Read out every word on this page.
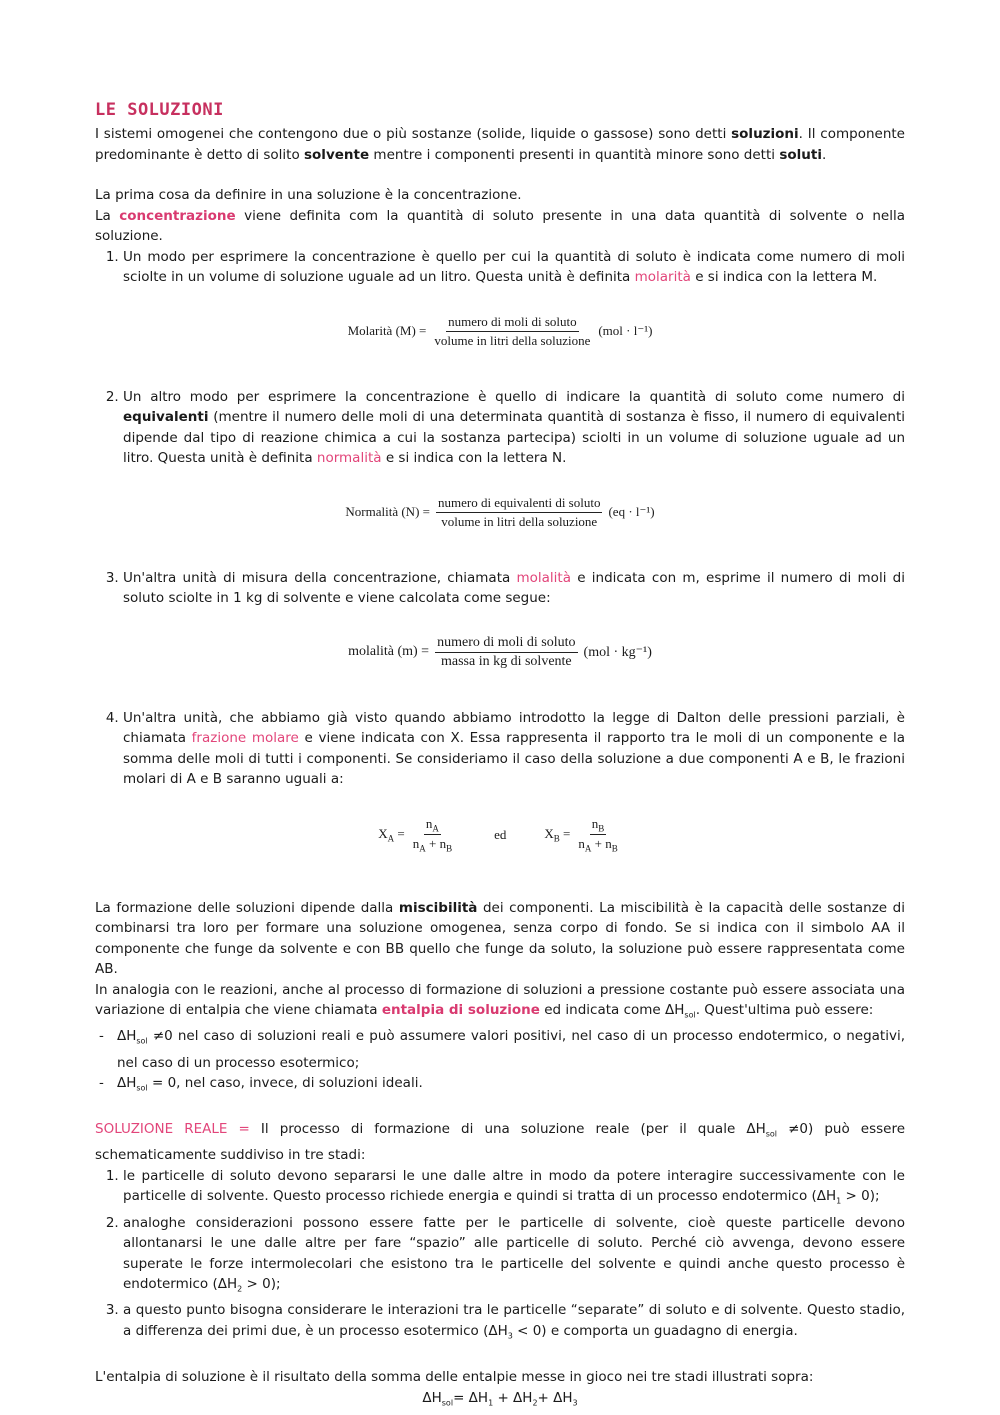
LE SOLUZIONI

I sistemi omogenei che contengono due o più sostanze (solide, liquide o gassose) sono detti soluzioni. Il componente predominante è detto di solito solvente mentre i componenti presenti in quantità minore sono detti soluti.

La prima cosa da definire in una soluzione è la concentrazione.

La concentrazione viene definita com la quantità di soluto presente in una data quantità di solvente o nella soluzione.

1. Un modo per esprimere la concentrazione è quello per cui la quantità di soluto è indicata come numero di moli sciolte in un volume di soluzione uguale ad un litro. Questa unità è definita molarità e si indica con la lettera M.
Molarità $(M) = \frac{\text{numero di moli di soluto}}{\text{volume in litri della soluzione}} (mol \cdot l^{-1})$
2. Un altro modo per esprimere la concentrazione è quello di indicare la quantità di soluto come numero di equivalenti (mentre il numero delle moli di una determinata quantità di sostanza è fisso, il numero di equivalenti dipende dal tipo di reazione chimica a cui la sostanza partecipa) sciolti in un volume di soluzione uguale ad un litro. Questa unità è definita normalità e si indica con la lettera N.
Normalità $(N) = \frac{\text{numero di equivalenti di soluto}}{\text{volume in litri della soluzione}} (eq \cdot l^{-1})$
3. Un'altra unità di misura della concentrazione, chiamata molalità e indicata con m, esprime il numero di moli di soluto sciolte in 1 kg di solvente e viene calcolata come segue:
molalità $(m) = \frac{\text{numero di moli di soluto}}{\text{massa in kg di solvente}} (mol \cdot kg^{-1})$
4. Un'altra unità, che abbiamo già visto quando abbiamo introdotto la legge di Dalton delle pressioni parziali, è chiamata frazione molare e viene indicata con X. Essa rappresenta il rapporto tra le moli di un componente e la somma delle moli di tutti i componenti. Se consideriamo il caso della soluzione a due componenti A e B, le frazioni molari di A e B saranno uguali a:
$X_A = \frac{n_A}{n_A + n_B}$	ed	$X_B = \frac{n_B}{n_A + n_B}$

La formazione delle soluzioni dipende dalla miscibilità dei componenti. La miscibilità è la capacità delle sostanze di combinarsi tra loro per formare una soluzione omogenea, senza corpo di fondo. Se si indica con il simbolo AA il componente che funge da solvente e con BB quello che funge da soluto, la soluzione può essere rappresentata come AB.

In analogia con le reazioni, anche al processo di formazione di soluzioni a pressione costante può essere associata una variazione di entalpia che viene chiamata entalpia di soluzione ed indicata come $\Delta H_{sol}$. Quest'ultima può essere:

- $\Delta H_{sol} \ne 0$ nel caso di soluzioni reali e può assumere valori positivi, nel caso di un processo endotermico, o negativi, nel caso di un processo esotermico;
- $\Delta H_{sol} = 0$, nel caso, invece, di soluzioni ideali.

SOLUZIONE REALE = Il processo di formazione di una soluzione reale (per il quale $\Delta H_{sol} \ne 0$) può essere schematicamente suddiviso in tre stadi:

1. le particelle di soluto devono separarsi le une dalle altre in modo da potere interagire successivamente con le particelle di solvente. Questo processo richiede energia e quindi si tratta di un processo endotermico $(\Delta H_1 > 0)$;
2. analoghe considerazioni possono essere fatte per le particelle di solvente, cioè queste particelle devono allontanarsi le une dalle altre per fare “spazio” alle particelle di soluto. Perché ciò avvenga, devono essere superate le forze intermolecolari che esistono tra le particelle del solvente e quindi anche questo processo è endotermico $(\Delta H_2 > 0)$;
3. a questo punto bisogna considerare le interazioni tra le particelle “separate” di soluto e di solvente. Questo stadio, a differenza dei primi due, è un processo esotermico $(\Delta H_3 < 0)$ e comporta un guadagno di energia.

L'entalpia di soluzione è il risultato della somma delle entalpie messe in gioco nei tre stadi illustrati sopra:

$\Delta H_{sol}= \Delta H_1 + \Delta H_2+ \Delta H_3$
